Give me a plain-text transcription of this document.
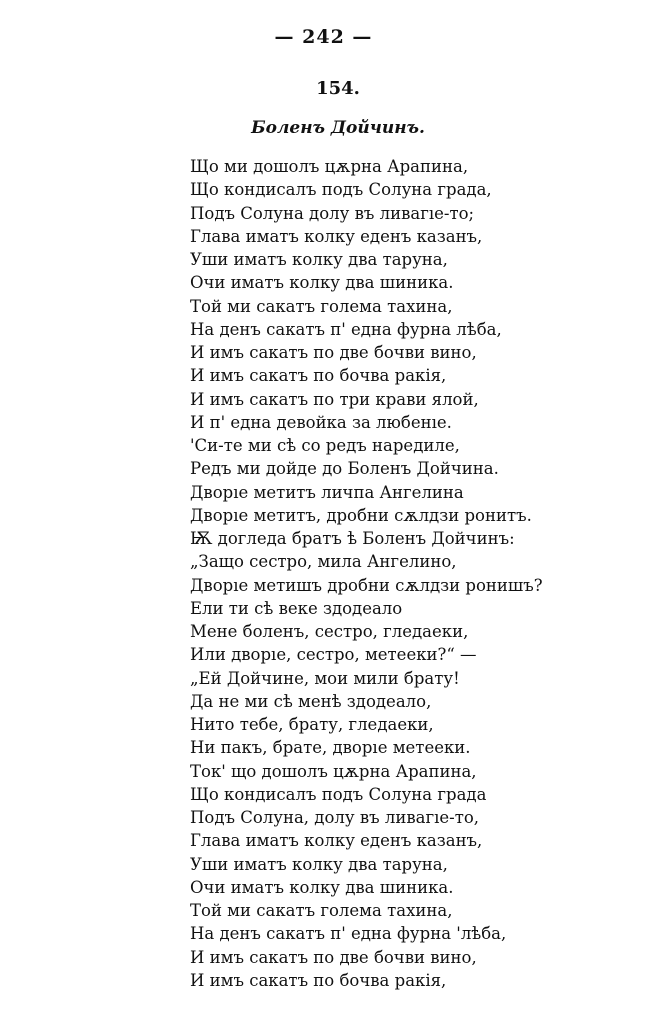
— 242 —
154.
Боленъ Дойчинъ.
Що ми дошолъ цѫрна Арапина,
Що кондисалъ подъ Солуна града,
Подъ Солуна долу въ ливагıе-то;
Глава иматъ колку еденъ казанъ,
Уши иматъ колку два таруна,
Очи иматъ колку два шиника.
Той ми сакатъ голема тахина,
На денъ сакатъ п' една фурна лѣба,
И имъ сакатъ по две бочви вино,
И имъ сакатъ по бочва ракія,
И имъ сакатъ по три крави ялой,
И п' една девойка за любенıе.
'Си-те ми сѣ со редъ наредиле,
Редъ ми дойде до Боленъ Дойчина.
Дворıе метитъ личпа Ангелина
Дворıе метитъ, дробни сѫлдзи ронитъ.
Ѭ доглeда братъ ѣ Боленъ Дойчинъ:
„Защо сестро, мила Ангелино,
Дворıе метишъ дробни сѫлдзи ронишъ?
Ели ти сѣ веке здодеало
Мене боленъ, сестро, гледаеки,
Или дворıе, сестро, метееки?“ —
„Ей Дойчине, мои мили брату!
Да не ми сѣ менѣ здодеало,
Нито тебе, брату, гледаеки,
Ни пакъ, брате, дворıе метееки.
Ток' що дошолъ цѫрна Арапина,
Що кондисалъ подъ Солуна града
Подъ Солуна, долу въ ливагıе-то,
Глава иматъ колку еденъ казанъ,
Уши иматъ колку два таруна,
Очи иматъ колку два шиника.
Той ми сакатъ голема тахина,
На денъ сакатъ п' една фурна 'лѣба,
И имъ сакатъ по две бочви вино,
И имъ сакатъ по бочва ракія,
